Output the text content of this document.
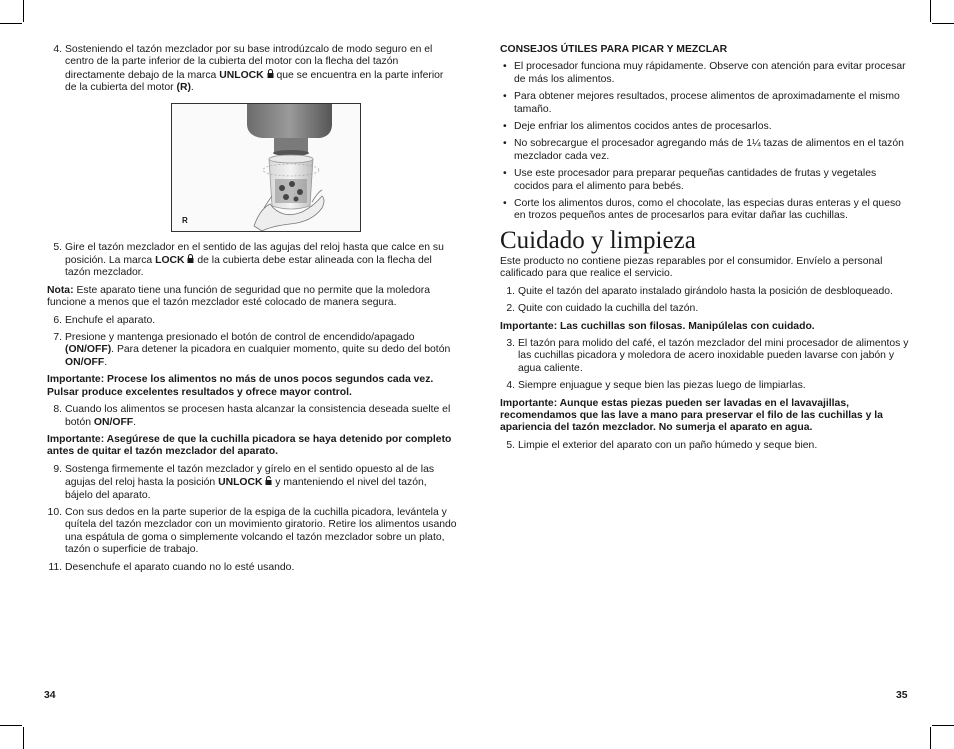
4. Sosteniendo el tazón mezclador por su base introdúzcalo de modo seguro en el centro de la parte inferior de la cubierta del motor con la flecha del tazón directamente debajo de la marca UNLOCK  que se encuentra en la parte inferior de la cubierta del motor (R).
R
5. Gire el tazón mezclador en el sentido de las agujas del reloj hasta que calce en su posición. La marca LOCK  de la cubierta debe estar alineada con la flecha del tazón mezclador.

Nota: Este aparato tiene una función de seguridad que no permite que la moledora funcione a menos que el tazón mezclador esté colocado de manera segura.

6. Enchufe el aparato.
7. Presione y mantenga presionado el botón de control de encendido/apagado (ON/OFF). Para detener la picadora en cualquier momento, quite su dedo del botón ON/OFF.

Importante: Procese los alimentos no más de unos pocos segundos cada vez. Pulsar produce excelentes resultados y ofrece mayor control.

8. Cuando los alimentos se procesen hasta alcanzar la consistencia deseada suelte el botón ON/OFF.

Importante: Asegúrese de que la cuchilla picadora se haya detenido por completo antes de quitar el tazón mezclador del aparato.

9. Sostenga firmemente el tazón mezclador y gírelo en el sentido opuesto al de las agujas del reloj hasta la posición UNLOCK  y manteniendo el nivel del tazón, bájelo del aparato.
10. Con sus dedos en la parte superior de la espiga de la cuchilla picadora, levántela y quítela del tazón mezclador con un movimiento giratorio. Retire los alimentos usando una espátula de goma o simplemente volcando el tazón mezclador sobre un plato, tazón o superficie de trabajo.
11. Desenchufe el aparato cuando no lo esté usando.
34

CONSEJOS ÚTILES PARA PICAR Y MEZCLAR

• El procesador funciona muy rápidamente. Observe con atención para evitar procesar de más los alimentos.
• Para obtener mejores resultados, procese alimentos de aproximadamente el mismo tamaño.
• Deje enfriar los alimentos cocidos antes de procesarlos.
• No sobrecargue el procesador agregando más de 1¼ tazas de alimentos en el tazón mezclador cada vez.
• Use este procesador para preparar pequeñas cantidades de frutas y vegetales cocidos para el alimento para bebés.
• Corte los alimentos duros, como el chocolate, las especias duras enteras y el queso en trozos pequeños antes de procesarlos para evitar dañar las cuchillas.
Cuidado y limpieza

Este producto no contiene piezas reparables por el consumidor. Envíelo a personal calificado para que realice el servicio.

1. Quite el tazón del aparato instalado girándolo hasta la posición de desbloqueado.
2. Quite con cuidado la cuchilla del tazón.

Importante: Las cuchillas son filosas. Manipúlelas con cuidado.

3. El tazón para molido del café, el tazón mezclador del mini procesador de alimentos y las cuchillas picadora y moledora de acero inoxidable pueden lavarse con jabón y agua caliente.
4. Siempre enjuague y seque bien las piezas luego de limpiarlas.

Importante: Aunque estas piezas pueden ser lavadas en el lavavajillas, recomendamos que las lave a mano para preservar el filo de las cuchillas y la apariencia del tazón mezclador. No sumerja el aparato en agua.

5. Limpie el exterior del aparato con un paño húmedo y seque bien.
35
